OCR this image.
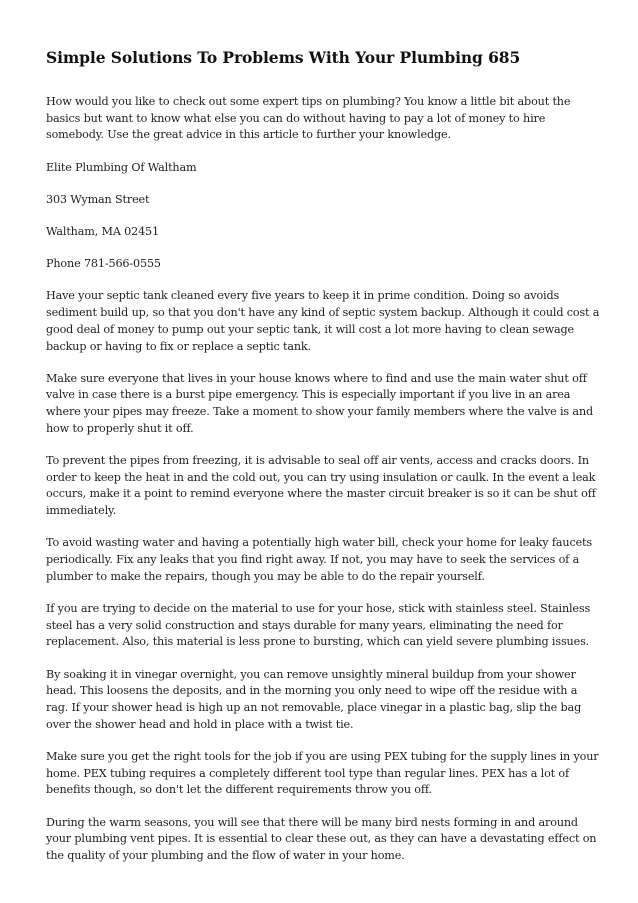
Simple Solutions To Problems With Your Plumbing 685

How would you like to check out some expert tips on plumbing? You know a little bit about the basics but want to know what else you can do without having to pay a lot of money to hire somebody. Use the great advice in this article to further your knowledge.

Elite Plumbing Of Waltham

303 Wyman Street

Waltham, MA 02451

Phone 781-566-0555

Have your septic tank cleaned every five years to keep it in prime condition. Doing so avoids sediment build up, so that you don't have any kind of septic system backup. Although it could cost a good deal of money to pump out your septic tank, it will cost a lot more having to clean sewage backup or having to fix or replace a septic tank.

Make sure everyone that lives in your house knows where to find and use the main water shut off valve in case there is a burst pipe emergency. This is especially important if you live in an area where your pipes may freeze. Take a moment to show your family members where the valve is and how to properly shut it off.

To prevent the pipes from freezing, it is advisable to seal off air vents, access and cracks doors. In order to keep the heat in and the cold out, you can try using insulation or caulk. In the event a leak occurs, make it a point to remind everyone where the master circuit breaker is so it can be shut off immediately.

To avoid wasting water and having a potentially high water bill, check your home for leaky faucets periodically. Fix any leaks that you find right away. If not, you may have to seek the services of a plumber to make the repairs, though you may be able to do the repair yourself.

If you are trying to decide on the material to use for your hose, stick with stainless steel. Stainless steel has a very solid construction and stays durable for many years, eliminating the need for replacement. Also, this material is less prone to bursting, which can yield severe plumbing issues.

By soaking it in vinegar overnight, you can remove unsightly mineral buildup from your shower head. This loosens the deposits, and in the morning you only need to wipe off the residue with a rag. If your shower head is high up an not removable, place vinegar in a plastic bag, slip the bag over the shower head and hold in place with a twist tie.

Make sure you get the right tools for the job if you are using PEX tubing for the supply lines in your home. PEX tubing requires a completely different tool type than regular lines. PEX has a lot of benefits though, so don't let the different requirements throw you off.

During the warm seasons, you will see that there will be many bird nests forming in and around your plumbing vent pipes. It is essential to clear these out, as they can have a devastating effect on the quality of your plumbing and the flow of water in your home.
